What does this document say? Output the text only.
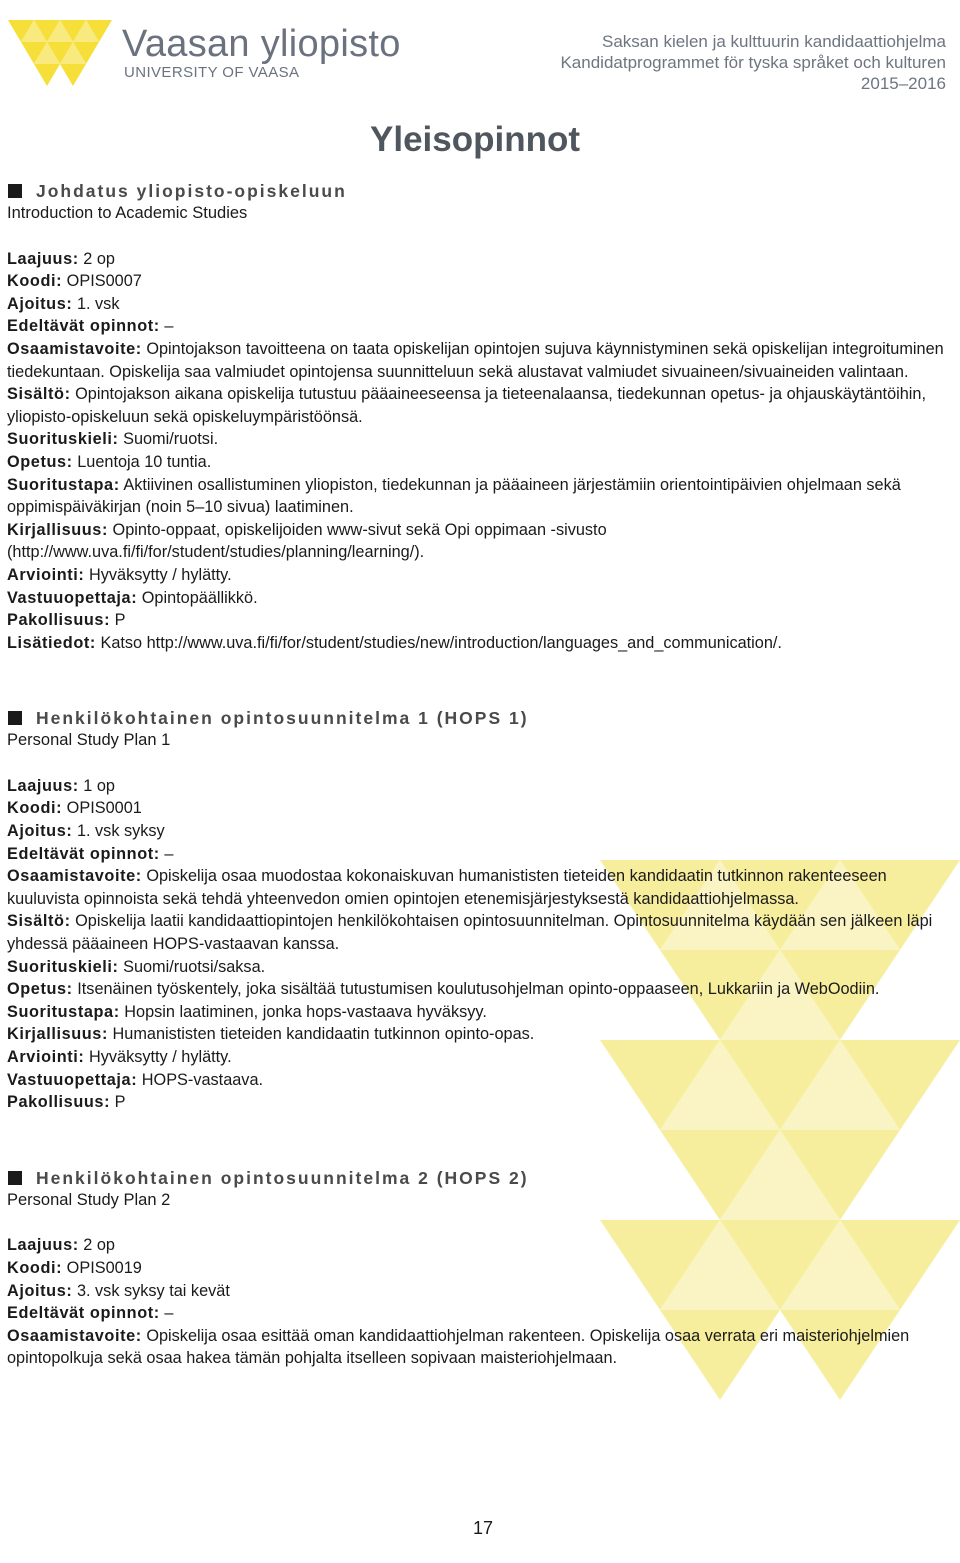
Vaasan yliopisto
UNIVERSITY OF VAASA
Saksan kielen ja kulttuurin kandidaattiohjelma
Kandidatprogrammet för tyska språket och kulturen
2015–2016
Yleisopinnot
Johdatus yliopisto-opiskeluun
Introduction to Academic Studies

Laajuus: 2 op

Koodi: OPIS0007

Ajoitus: 1. vsk

Edeltävät opinnot: –

Osaamistavoite: Opintojakson tavoitteena on taata opiskelijan opintojen sujuva käynnistyminen sekä opiskelijan integroituminen tiedekuntaan. Opiskelija saa valmiudet opintojensa suunnitteluun sekä alustavat valmiudet sivuaineen/sivuaineiden valintaan.

Sisältö: Opintojakson aikana opiskelija tutustuu pääaineeseensa ja tieteenalaansa, tiedekunnan opetus- ja ohjauskäytäntöihin, yliopisto-opiskeluun sekä opiskeluympäristöönsä.

Suorituskieli: Suomi/ruotsi.

Opetus: Luentoja 10 tuntia.

Suoritustapa: Aktiivinen osallistuminen yliopiston, tiedekunnan ja pääaineen järjestämiin orientointipäivien ohjelmaan sekä oppimispäiväkirjan (noin 5–10 sivua) laatiminen.

Kirjallisuus: Opinto-oppaat, opiskelijoiden www-sivut sekä Opi oppimaan -sivusto (http://www.uva.fi/fi/for/student/studies/planning/learning/).

Arviointi: Hyväksytty / hylätty.

Vastuuopettaja: Opintopäällikkö.

Pakollisuus: P

Lisätiedot: Katso http://www.uva.fi/fi/for/student/studies/new/introduction/languages_and_communication/.

Henkilökohtainen opintosuunnitelma 1 (HOPS 1)
Personal Study Plan 1

Laajuus: 1 op

Koodi: OPIS0001

Ajoitus: 1. vsk syksy

Edeltävät opinnot: –

Osaamistavoite: Opiskelija osaa muodostaa kokonaiskuvan humanististen tieteiden kandidaatin tutkinnon rakenteeseen kuuluvista opinnoista sekä tehdä yhteenvedon omien opintojen etenemisjärjestyksestä kandidaattiohjelmassa.

Sisältö: Opiskelija laatii kandidaattiopintojen henkilökohtaisen opintosuunnitelman. Opintosuunnitelma käydään sen jälkeen läpi yhdessä pääaineen HOPS-vastaavan kanssa.

Suorituskieli: Suomi/ruotsi/saksa.

Opetus: Itsenäinen työskentely, joka sisältää tutustumisen koulutusohjelman opinto-oppaaseen, Lukkariin ja WebOodiin.

Suoritustapa: Hopsin laatiminen, jonka hops-vastaava hyväksyy.

Kirjallisuus: Humanististen tieteiden kandidaatin tutkinnon opinto-opas.

Arviointi: Hyväksytty / hylätty.

Vastuuopettaja: HOPS-vastaava.

Pakollisuus: P

Henkilökohtainen opintosuunnitelma 2 (HOPS 2)
Personal Study Plan 2

Laajuus: 2 op

Koodi: OPIS0019

Ajoitus: 3. vsk syksy tai kevät

Edeltävät opinnot: –

Osaamistavoite: Opiskelija osaa esittää oman kandidaattiohjelman rakenteen. Opiskelija osaa verrata eri maisteriohjelmien opintopolkuja sekä osaa hakea tämän pohjalta itselleen sopivaan maisteriohjelmaan.

17
